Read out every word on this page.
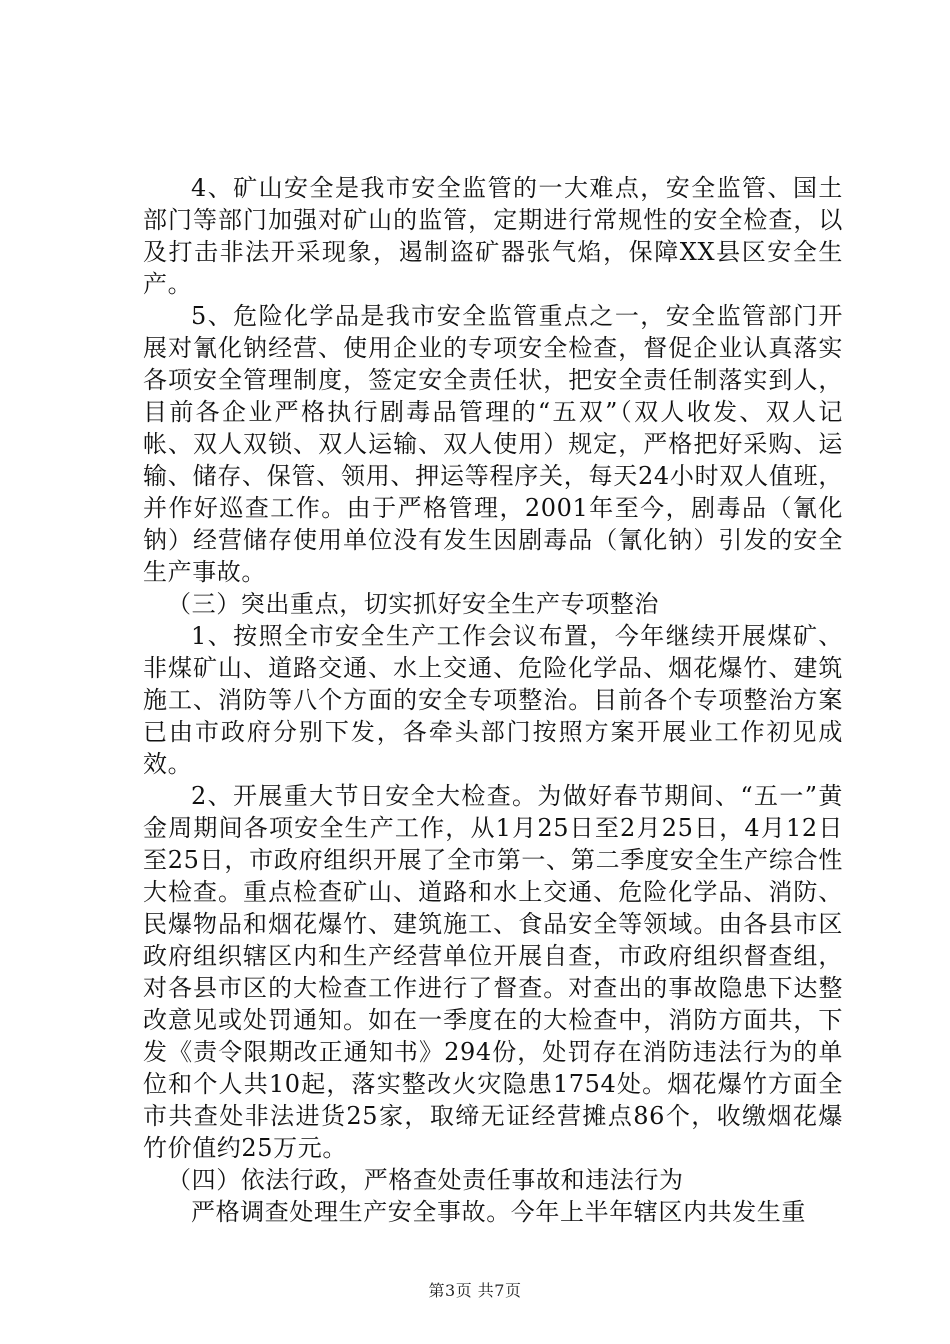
4、矿山安全是我市安全监管的一大难点，安全监管、国土部门等部门加强对矿山的监管，定期进行常规性的安全检查，以及打击非法开采现象，遏制盗矿器张气焰，保障XX县区安全生产。

5、危险化学品是我市安全监管重点之一，安全监管部门开展对氰化钠经营、使用企业的专项安全检查，督促企业认真落实各项安全管理制度，签定安全责任状，把安全责任制落实到人，目前各企业严格执行剧毒品管理的“五双”（双人收发、双人记帐、双人双锁、双人运输、双人使用）规定，严格把好采购、运输、储存、保管、领用、押运等程序关，每天24小时双人值班，并作好巡查工作。由于严格管理，2001年至今，剧毒品（氰化钠）经营储存使用单位没有发生因剧毒品（氰化钠）引发的安全生产事故。

（三）突出重点，切实抓好安全生产专项整治

1、按照全市安全生产工作会议布置，今年继续开展煤矿、非煤矿山、道路交通、水上交通、危险化学品、烟花爆竹、建筑施工、消防等八个方面的安全专项整治。目前各个专项整治方案已由市政府分别下发，各牵头部门按照方案开展业工作初见成效。

2、开展重大节日安全大检查。为做好春节期间、“五一”黄金周期间各项安全生产工作，从1月25日至2月25日，4月12日至25日，市政府组织开展了全市第一、第二季度安全生产综合性大检查。重点检查矿山、道路和水上交通、危险化学品、消防、民爆物品和烟花爆竹、建筑施工、食品安全等领域。由各县市区政府组织辖区内和生产经营单位开展自查，市政府组织督查组，对各县市区的大检查工作进行了督查。对查出的事故隐患下达整改意见或处罚通知。如在一季度在的大检查中，消防方面共，下发《责令限期改正通知书》294份，处罚存在消防违法行为的单位和个人共10起，落实整改火灾隐患1754处。烟花爆竹方面全市共查处非法进货25家，取缔无证经营摊点86个，收缴烟花爆竹价值约25万元。

（四）依法行政，严格查处责任事故和违法行为

严格调查处理生产安全事故。今年上半年辖区内共发生重

第3页 共7页
